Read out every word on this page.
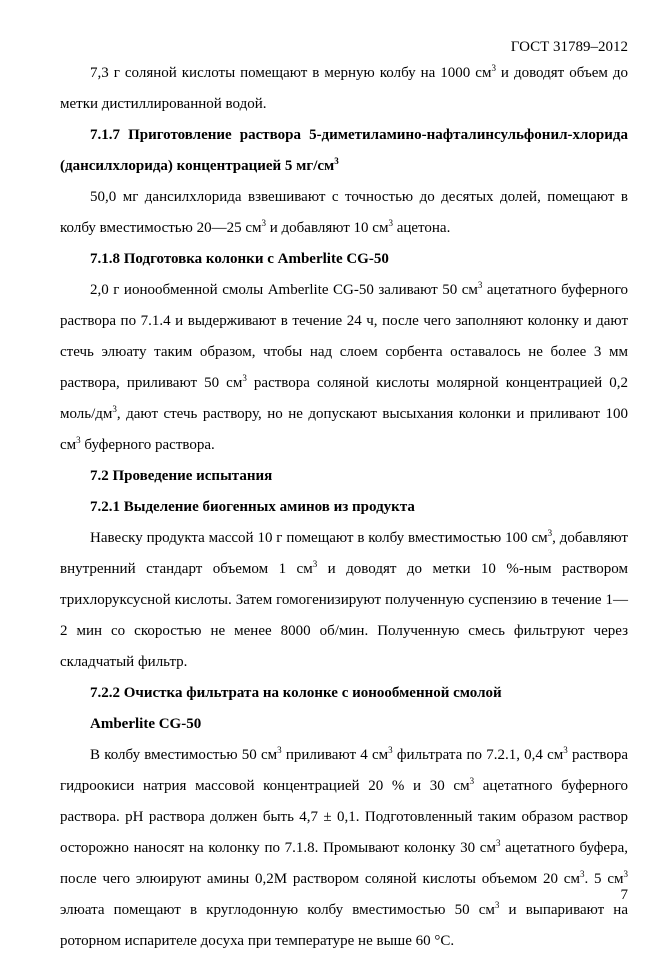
ГОСТ 31789–2012

7,3 г соляной кислоты помещают в мерную колбу на 1000 $см^3$ и доводят объем до метки дистиллированной водой.

7.1.7 Приготовление раствора 5-диметиламино-нафталинсульфонил-хлорида (дансилхлорида) концентрацией 5 $мг/см^3$

50,0 мг дансилхлорида взвешивают с точностью до десятых долей, помещают в колбу вместимостью 20—25 $см^3$ и добавляют 10 $см^3$ ацетона.

7.1.8 Подготовка колонки с Amberlite CG-50

2,0 г ионообменной смолы Amberlite CG-50 заливают 50 $см^3$ ацетатного буферного раствора по 7.1.4 и выдерживают в течение 24 ч, после чего заполняют колонку и дают стечь элюату таким образом, чтобы над слоем сорбента оставалось не более 3 мм раствора, приливают 50 $см^3$ раствора соляной кислоты молярной концентрацией 0,2 моль/$дм^3$, дают стечь раствору, но не допускают высыхания колонки и приливают 100 $см^3$ буферного раствора.

7.2 Проведение испытания

7.2.1 Выделение биогенных аминов из продукта

Навеску продукта массой 10 г помещают в колбу вместимостью 100 $см^3$, добавляют внутренний стандарт объемом 1 $см^3$ и доводят до метки 10 %-ным раствором трихлоруксусной кислоты. Затем гомогенизируют полученную суспензию в течение 1—2 мин со скоростью не менее 8000 об/мин. Полученную смесь фильтруют через складчатый фильтр.

7.2.2 Очистка фильтрата на колонке с ионообменной смолой

Amberlite CG-50

В колбу вместимостью 50 $см^3$ приливают 4 $см^3$ фильтрата по 7.2.1, 0,4 $см^3$ раствора гидроокиси натрия массовой концентрацией 20 % и 30 $см^3$ ацетатного буферного раствора. рН раствора должен быть 4,7 ± 0,1. Подготовленный таким образом раствор осторожно наносят на колонку по 7.1.8. Промывают колонку 30 $см^3$ ацетатного буфера, после чего элюируют амины 0,2М раствором соляной кислоты объемом 20 $см^3$. 5 $см^3$ элюата помещают в круглодонную колбу вместимостью 50 $см^3$ и выпаривают на роторном испарителе досуха при температуре не выше 60 °С.

7
